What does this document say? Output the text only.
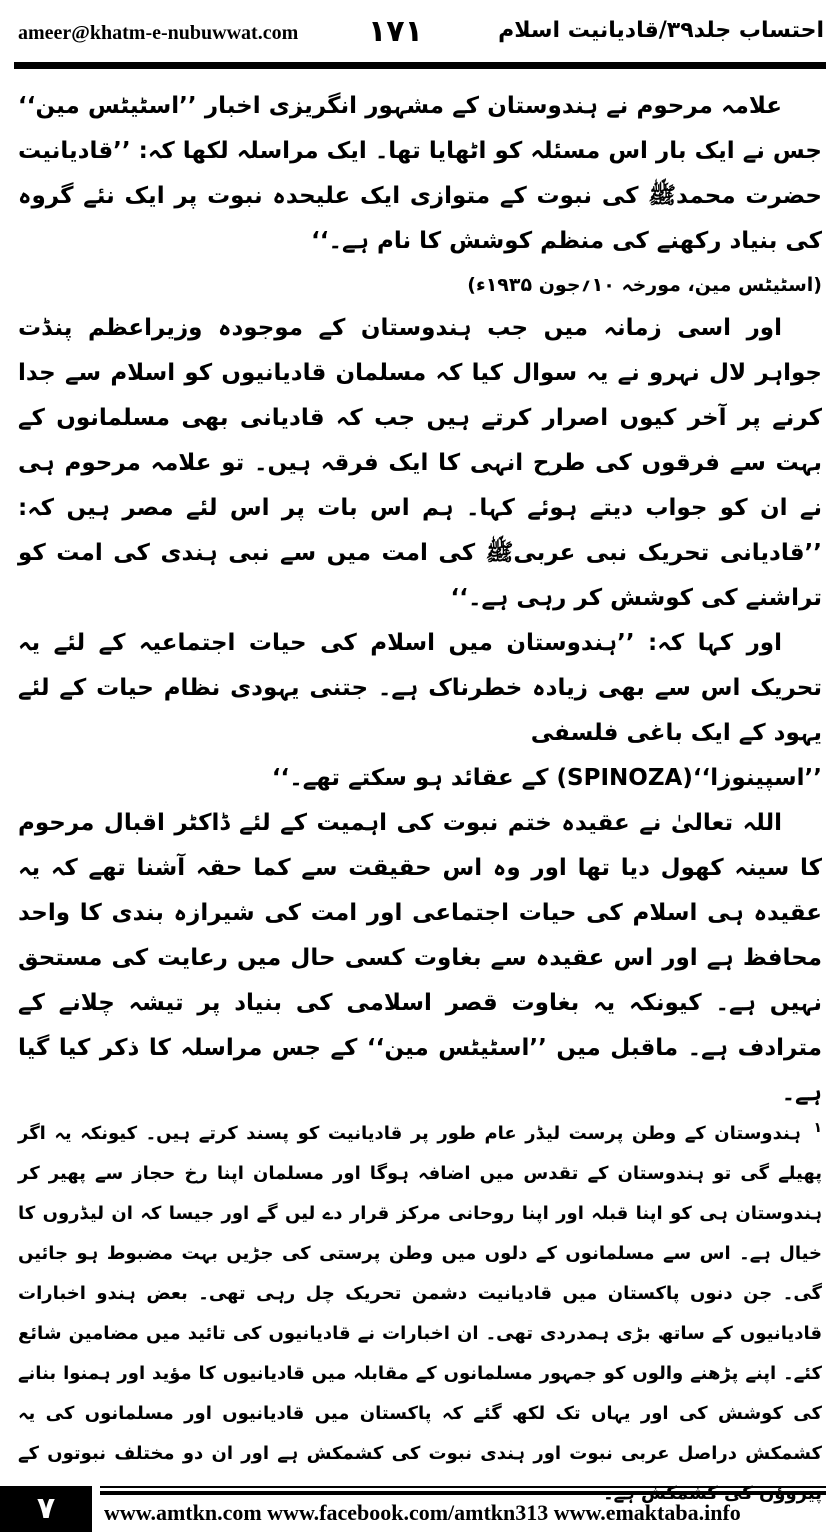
ameer@khatm-e-nubuwwat.com ۱۷۱	احتساب جلد۳۹/قادیانیت اسلام

علامہ مرحوم نے ہندوستان کے مشہور انگریزی اخبار ’’اسٹیٹس مین‘‘ جس نے ایک بار اس مسئلہ کو اٹھایا تھا۔ ایک مراسلہ لکھا کہ: ’’قادیانیت حضرت محمدﷺ کی نبوت کے متوازی ایک علیحدہ نبوت پر ایک نئے گروہ کی بنیاد رکھنے کی منظم کوشش کا نام ہے۔‘‘

(اسٹیٹس مین، مورخہ ۱۰؍جون ۱۹۳۵ء)

اور اسی زمانہ میں جب ہندوستان کے موجودہ وزیراعظم پنڈت جواہر لال نہرو نے یہ سوال کیا کہ مسلمان قادیانیوں کو اسلام سے جدا کرنے پر آخر کیوں اصرار کرتے ہیں جب کہ قادیانی بھی مسلمانوں کے بہت سے فرقوں کی طرح انہی کا ایک فرقہ ہیں۔ تو علامہ مرحوم ہی نے ان کو جواب دیتے ہوئے کہا۔ ہم اس بات پر اس لئے مصر ہیں کہ: ’’قادیانی تحریک نبی عربیﷺ کی امت میں سے نبی ہندی کی امت کو تراشنے کی کوشش کر رہی ہے۔‘‘

اور کہا کہ: ’’ہندوستان میں اسلام کی حیات اجتماعیہ کے لئے یہ تحریک اس سے بھی زیادہ خطرناک ہے۔ جتنی یہودی نظام حیات کے لئے یہود کے ایک باغی فلسفی

’’اسپینوزا‘‘(SPINOZA) کے عقائد ہو سکتے تھے۔‘‘

اللہ تعالیٰ نے عقیدہ ختم نبوت کی اہمیت کے لئے ڈاکٹر اقبال مرحوم کا سینہ کھول دیا تھا اور وہ اس حقیقت سے کما حقہ آشنا تھے کہ یہ عقیدہ ہی اسلام کی حیات اجتماعی اور امت کی شیرازہ بندی کا واحد محافظ ہے اور اس عقیدہ سے بغاوت کسی حال میں رعایت کی مستحق نہیں ہے۔ کیونکہ یہ بغاوت قصر اسلامی کی بنیاد پر تیشہ چلانے کے مترادف ہے۔ ماقبل میں ’’اسٹیٹس مین‘‘ کے جس مراسلہ کا ذکر کیا گیا ہے۔

$^۱$ ہندوستان کے وطن پرست لیڈر عام طور پر قادیانیت کو پسند کرتے ہیں۔ کیونکہ یہ اگر پھیلے گی تو ہندوستان کے تقدس میں اضافہ ہوگا اور مسلمان اپنا رخ حجاز سے پھیر کر ہندوستان ہی کو اپنا قبلہ اور اپنا روحانی مرکز قرار دے لیں گے اور جیسا کہ ان لیڈروں کا خیال ہے۔ اس سے مسلمانوں کے دلوں میں وطن پرستی کی جڑیں بہت مضبوط ہو جائیں گی۔ جن دنوں پاکستان میں قادیانیت دشمن تحریک چل رہی تھی۔ بعض ہندو اخبارات قادیانیوں کے ساتھ بڑی ہمدردی تھی۔ ان اخبارات نے قادیانیوں کی تائید میں مضامین شائع کئے۔ اپنے پڑھنے والوں کو جمہور مسلمانوں کے مقابلہ میں قادیانیوں کا مؤید اور ہمنوا بنانے کی کوشش کی اور یہاں تک لکھ گئے کہ پاکستان میں قادیانیوں اور مسلمانوں کی یہ کشمکش دراصل عربی نبوت اور ہندی نبوت کی کشمکش ہے اور ان دو مختلف نبوتوں کے

۷	www.amtkn.com www.facebook.com/amtkn313 www.emaktaba.info
